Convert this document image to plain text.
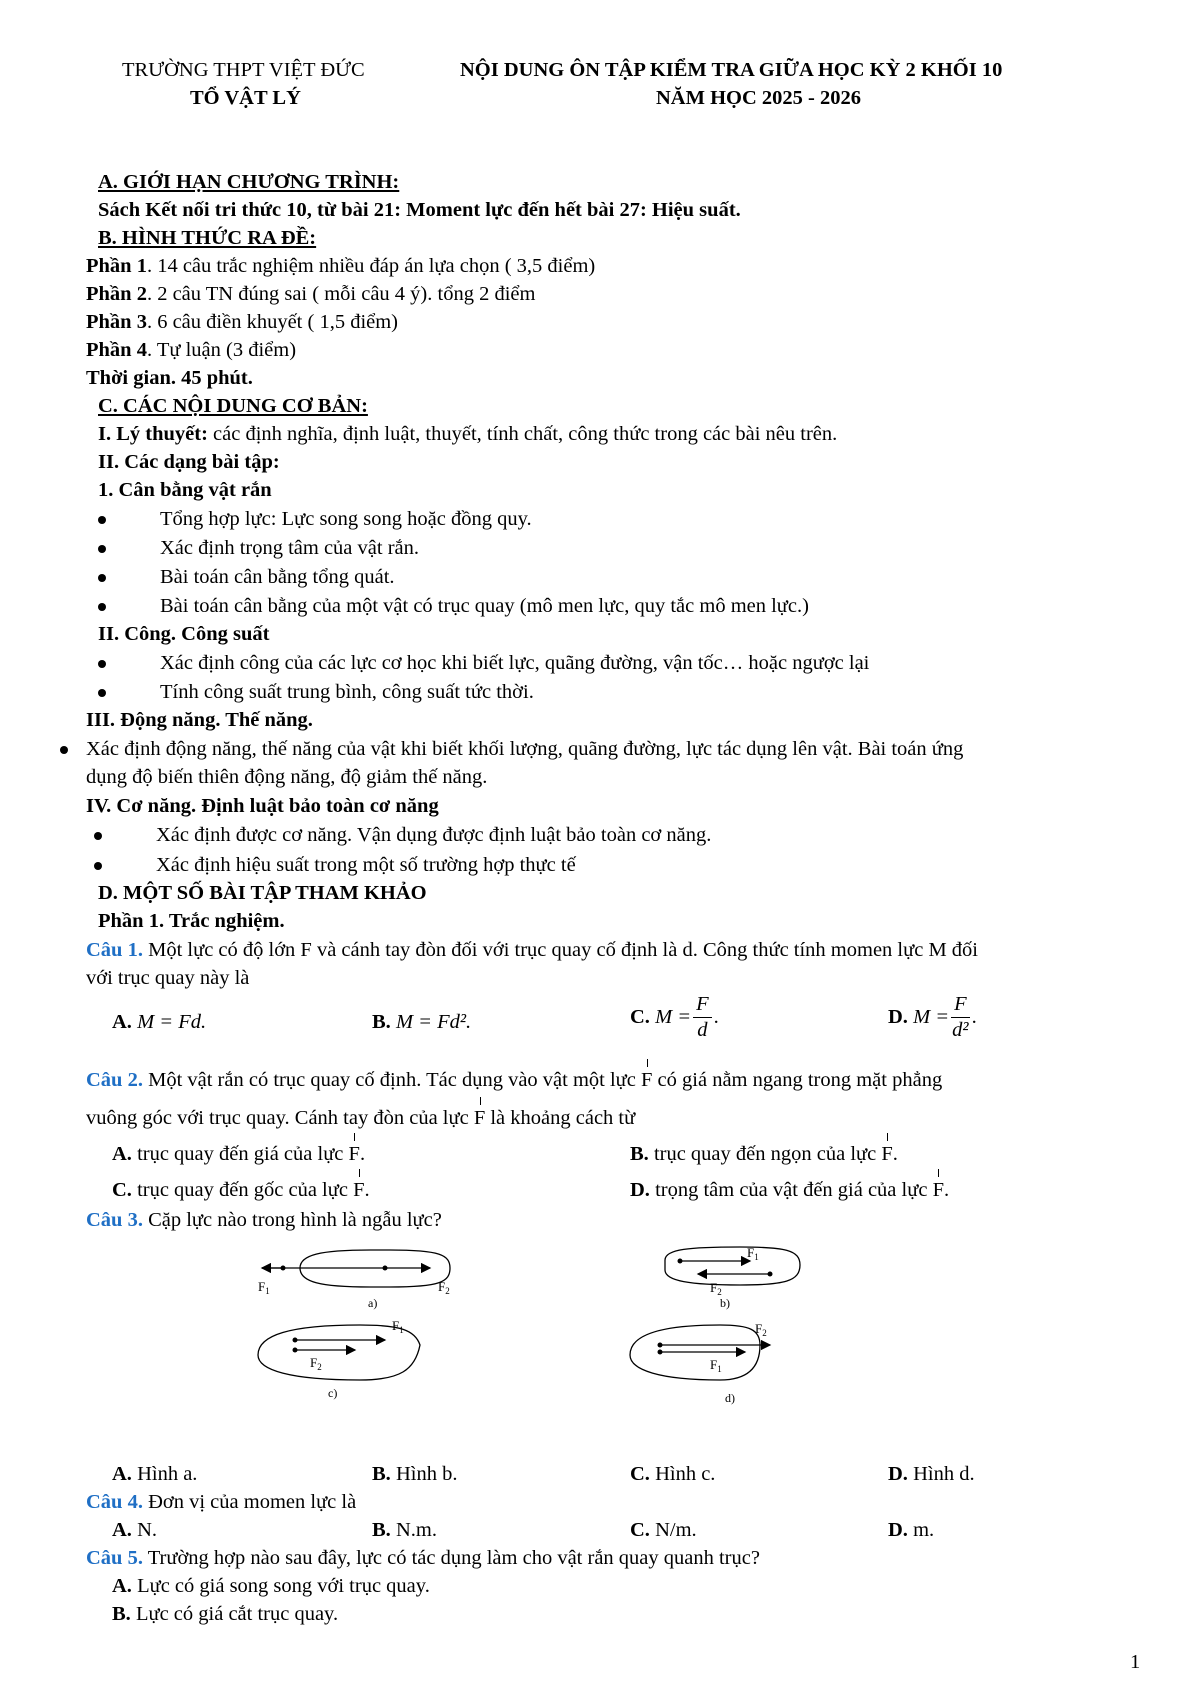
TRƯỜNG THPT VIỆT ĐỨC
TỔ VẬT LÝ
NỘI DUNG ÔN TẬP KIỂM TRA GIỮA HỌC KỲ 2 KHỐI 10
NĂM HỌC 2025 - 2026
A. GIỚI HẠN CHƯƠNG TRÌNH:
Sách Kết nối tri thức 10, từ bài 21: Moment lực đến hết bài 27: Hiệu suất.
B. HÌNH THỨC RA ĐỀ:
Phần 1. 14 câu trắc nghiệm nhiều đáp án lựa chọn ( 3,5 điểm)
Phần 2. 2 câu TN đúng sai ( mỗi câu 4 ý). tổng 2 điểm
Phần 3. 6 câu điền khuyết ( 1,5 điểm)
Phần 4. Tự luận (3 điểm)
Thời gian. 45 phút.
C. CÁC NỘI DUNG CƠ BẢN:
I. Lý thuyết: các định nghĩa, định luật, thuyết, tính chất, công thức trong các bài nêu trên.
II. Các dạng bài tập:
1. Cân bằng vật rắn
Tổng hợp lực: Lực song song hoặc đồng quy.
Xác định trọng tâm của vật rắn.
Bài toán cân bằng tổng quát.
Bài toán cân bằng của một vật có trục quay (mô men lực, quy tắc mô men lực.)
II. Công. Công suất
Xác định công của các lực cơ học khi biết lực, quãng đường, vận tốc… hoặc ngược lại
Tính công suất trung bình, công suất tức thời.
III. Động năng. Thế năng.
Xác định động năng, thế năng của vật khi biết khối lượng, quãng đường, lực tác dụng lên vật. Bài toán ứng
dụng độ biến thiên động năng, độ giảm thế năng.
IV. Cơ năng. Định luật bảo toàn cơ năng
Xác định được cơ năng. Vận dụng được định luật bảo toàn cơ năng.
Xác định hiệu suất trong một số trường hợp thực tế
D. MỘT SỐ BÀI TẬP THAM KHẢO
Phần 1. Trắc nghiệm.
Câu 1. Một lực có độ lớn F và cánh tay đòn đối với trục quay cố định là d. Công thức tính momen lực M đối
với trục quay này là
A. M = Fd.	B. M = Fd².	C. $M = \frac{F}{d}$ .	D. $M = \frac{F}{\text{d²}}$ .
Câu 2. Một vật rắn có trục quay cố định. Tác dụng vào vật một lực F có giá nằm ngang trong mặt phẳng
vuông góc với trục quay. Cánh tay đòn của lực F là khoảng cách từ
A. trục quay đến giá của lực F.	B. trục quay đến ngọn của lực F.
C. trục quay đến gốc của lực F.	D. trọng tâm của vật đến giá của lực F.
Câu 3. Cặp lực nào trong hình là ngẫu lực?
$F_1$	$F_2$
a)
$F_1$
$F_2$
b)
$F_1$
$F_2$
c)
$F_2$
$F_1$
d)
A. Hình a.	B. Hình b.	C. Hình c.	D. Hình d.
Câu 4. Đơn vị của momen lực là
A. N.	B. N.m.	C. N/m.	D. m.
Câu 5. Trường hợp nào sau đây, lực có tác dụng làm cho vật rắn quay quanh trục?
A. Lực có giá song song với trục quay.
B. Lực có giá cắt trục quay.
1
